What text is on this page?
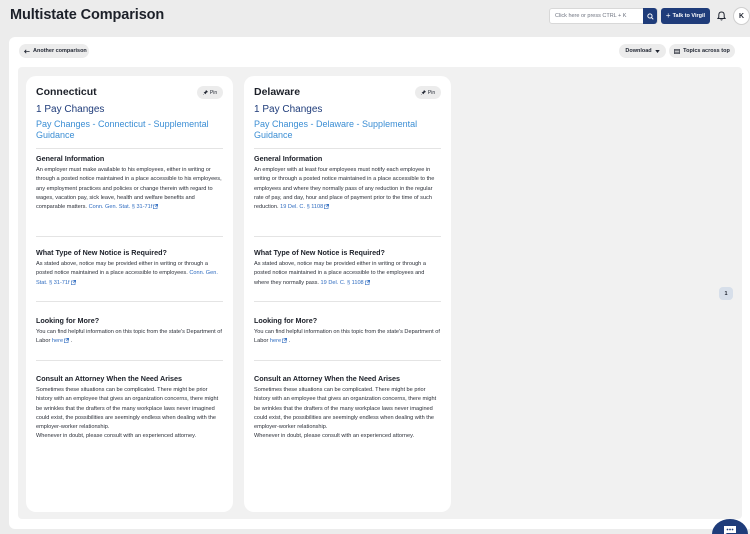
Multistate Comparison
Click here or press CTRL + K	+ Talk to Virgil	K
Another comparison	Download	Topics across top
Connecticut	Pin
1 Pay Changes
Pay Changes - Connecticut - Supplemental Guidance
General Information

An employer must make available to his employees, either in writing or through a posted notice maintained in a place accessible to his employees, any employment practices and policies or change therein with regard to wages, vacation pay, sick leave, health and welfare benefits and comparable matters. Conn. Gen. Stat. § 31-71f

What Type of New Notice is Required?

As stated above, notice may be provided either in writing or through a posted notice maintained in a place accessible to employees. Conn. Gen. Stat. § 31-71f

Looking for More?

You can find helpful information on this topic from the state's Department of Labor here .

Consult an Attorney When the Need Arises

Sometimes these situations can be complicated. There might be prior history with an employee that gives an organization concerns, there might be wrinkles that the drafters of the many workplace laws never imagined could exist, the possibilities are seemingly endless when dealing with the employer-worker relationship.

Whenever in doubt, please consult with an experienced attorney.

Delaware	Pin
1 Pay Changes
Pay Changes - Delaware - Supplemental Guidance
General Information

An employer with at least four employees must notify each employee in writing or through a posted notice maintained in a place accessible to the employees and where they normally pass of any reduction in the regular rate of pay, and day, hour and place of payment prior to the time of such reduction. 19 Del. C. § 1108

What Type of New Notice is Required?

As stated above, notice may be provided either in writing or through a posted notice maintained in a place accessible to the employees and where they normally pass. 19 Del. C. § 1108

Looking for More?

You can find helpful information on this topic from the state's Department of Labor here .

Consult an Attorney When the Need Arises

Sometimes these situations can be complicated. There might be prior history with an employee that gives an organization concerns, there might be wrinkles that the drafters of the many workplace laws never imagined could exist, the possibilities are seemingly endless when dealing with the employer-worker relationship.

Whenever in doubt, please consult with an experienced attorney.

1
